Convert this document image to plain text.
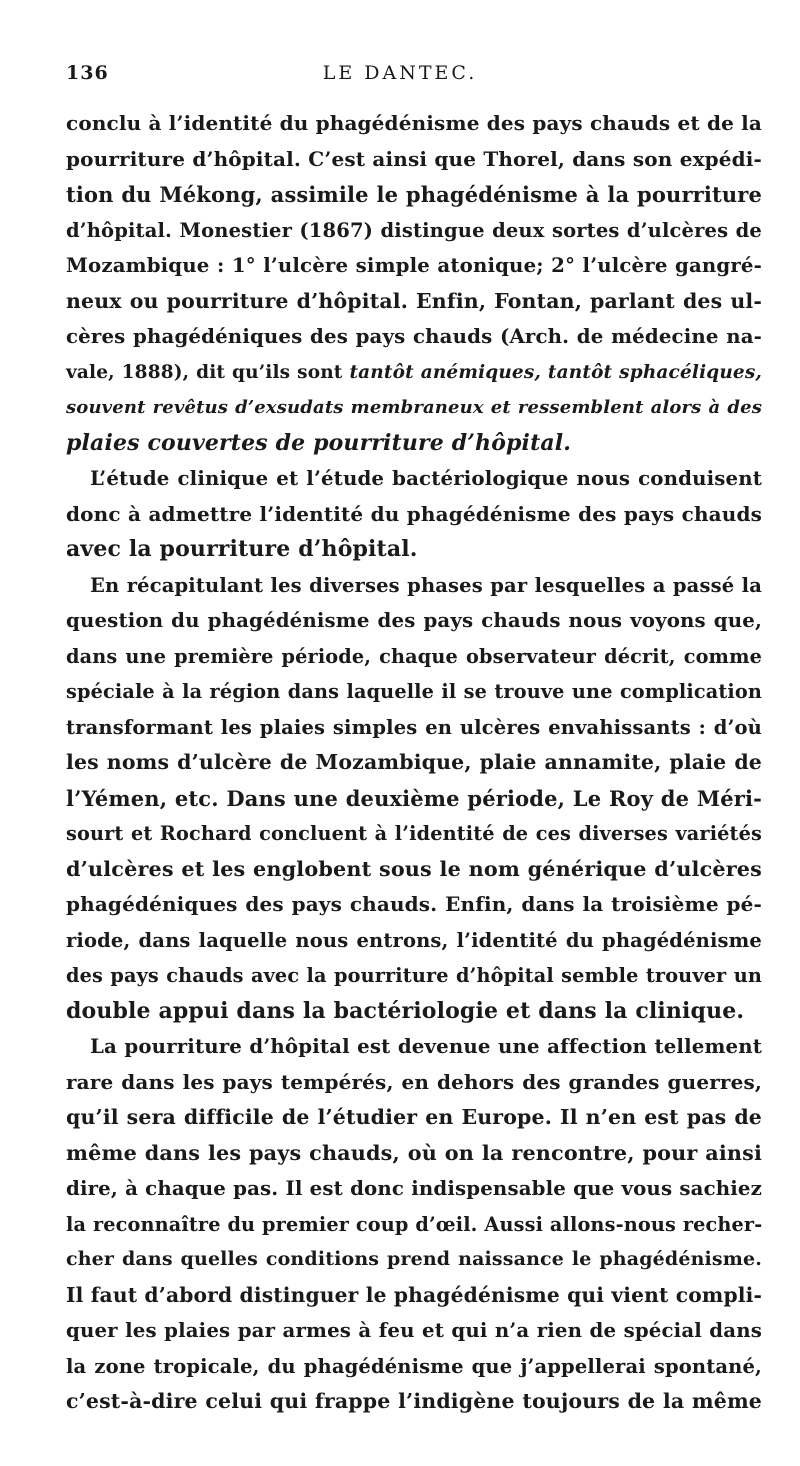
136	LE DANTEC.
conclu à l’identité du phagédénisme des pays chauds et de la
pourriture d’hôpital. C’est ainsi que Thorel, dans son expédi-
tion du Mékong, assimile le phagédénisme à la pourriture
d’hôpital. Monestier (1867) distingue deux sortes d’ulcères de
Mozambique : 1° l’ulcère simple atonique; 2° l’ulcère gangré-
neux ou pourriture d’hôpital. Enfin, Fontan, parlant des ul-
cères phagédéniques des pays chauds (Arch. de médecine na-
vale, 1888), dit qu’ils sont tantôt anémiques, tantôt sphacéliques,
souvent revêtus d’exsudats membraneux et ressemblent alors à des
plaies couvertes de pourriture d’hôpital.
L’étude clinique et l’étude bactériologique nous conduisent
donc à admettre l’identité du phagédénisme des pays chauds
avec la pourriture d’hôpital.
En récapitulant les diverses phases par lesquelles a passé la
question du phagédénisme des pays chauds nous voyons que,
dans une première période, chaque observateur décrit, comme
spéciale à la région dans laquelle il se trouve une complication
transformant les plaies simples en ulcères envahissants : d’où
les noms d’ulcère de Mozambique, plaie annamite, plaie de
l’Yémen, etc. Dans une deuxième période, Le Roy de Méri-
sourt et Rochard concluent à l’identité de ces diverses variétés
d’ulcères et les englobent sous le nom générique d’ulcères
phagédéniques des pays chauds. Enfin, dans la troisième pé-
riode, dans laquelle nous entrons, l’identité du phagédénisme
des pays chauds avec la pourriture d’hôpital semble trouver un
double appui dans la bactériologie et dans la clinique.
La pourriture d’hôpital est devenue une affection tellement
rare dans les pays tempérés, en dehors des grandes guerres,
qu’il sera difficile de l’étudier en Europe. Il n’en est pas de
même dans les pays chauds, où on la rencontre, pour ainsi
dire, à chaque pas. Il est donc indispensable que vous sachiez
la reconnaître du premier coup d’œil. Aussi allons-nous recher-
cher dans quelles conditions prend naissance le phagédénisme.
Il faut d’abord distinguer le phagédénisme qui vient compli-
quer les plaies par armes à feu et qui n’a rien de spécial dans
la zone tropicale, du phagédénisme que j’appellerai spontané,
c’est-à-dire celui qui frappe l’indigène toujours de la même
